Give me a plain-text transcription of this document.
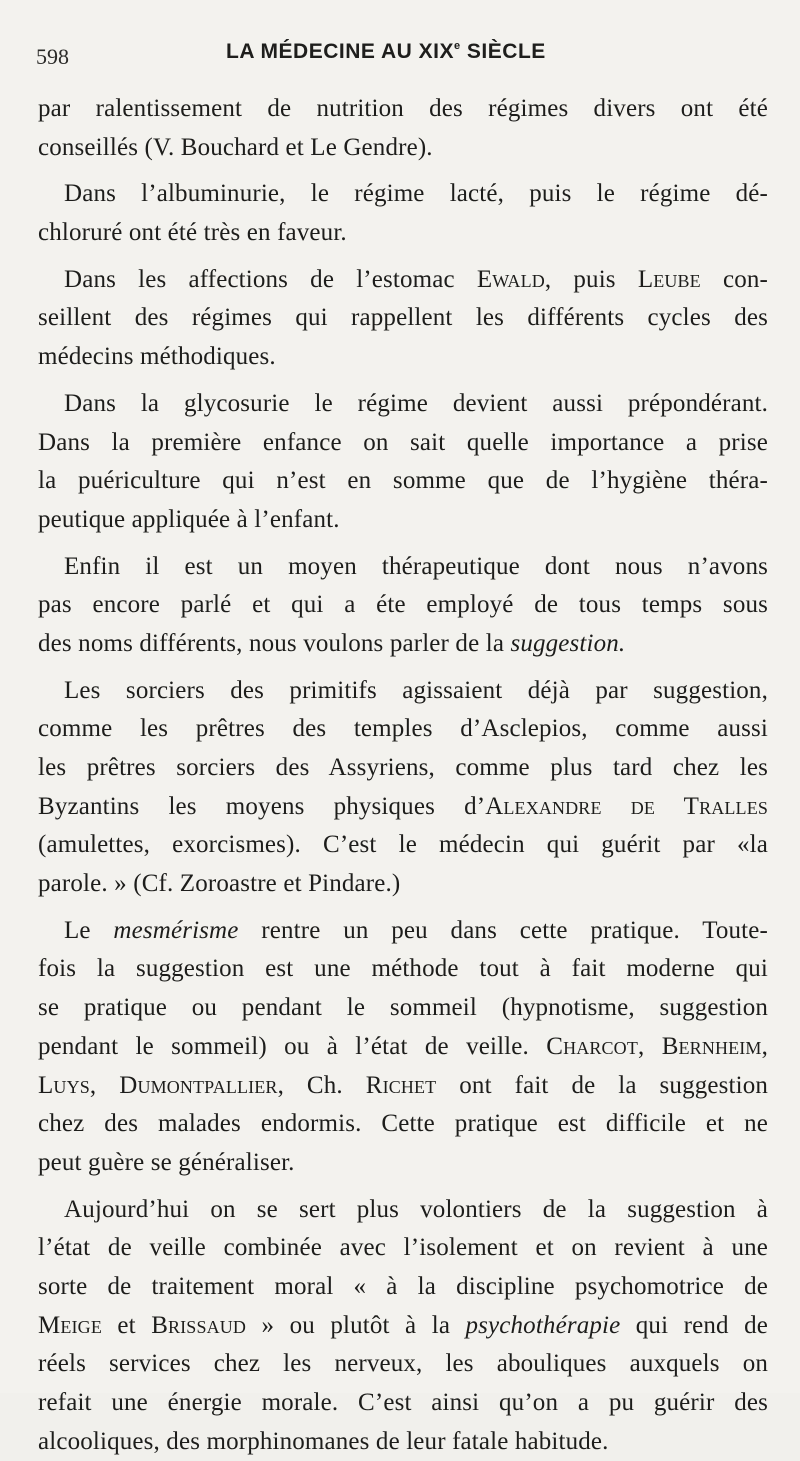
598	LA MÉDECINE AU XIXe SIÈCLE
par ralentissement de nutrition des régimes divers ont été
conseillés (V. Bouchard et Le Gendre).
Dans l’albuminurie, le régime lacté, puis le régime dé-
chloruré ont été très en faveur.
Dans les affections de l’estomac Ewald, puis Leube con-
seillent des régimes qui rappellent les différents cycles des
médecins méthodiques.
Dans la glycosurie le régime devient aussi prépondérant.
Dans la première enfance on sait quelle importance a prise
la puériculture qui n’est en somme que de l’hygiène théra-
peutique appliquée à l’enfant.
Enfin il est un moyen thérapeutique dont nous n’avons
pas encore parlé et qui a éte employé de tous temps sous
des noms différents, nous voulons parler de la suggestion.
Les sorciers des primitifs agissaient déjà par suggestion,
comme les prêtres des temples d’Asclepios, comme aussi
les prêtres sorciers des Assyriens, comme plus tard chez les
Byzantins les moyens physiques d’Alexandre de Tralles
(amulettes, exorcismes). C’est le médecin qui guérit par «la
parole. » (Cf. Zoroastre et Pindare.)
Le mesmérisme rentre un peu dans cette pratique. Toute-
fois la suggestion est une méthode tout à fait moderne qui
se pratique ou pendant le sommeil (hypnotisme, suggestion
pendant le sommeil) ou à l’état de veille. Charcot, Bernheim,
Luys, Dumontpallier, Ch. Richet ont fait de la suggestion
chez des malades endormis. Cette pratique est difficile et ne
peut guère se généraliser.
Aujourd’hui on se sert plus volontiers de la suggestion à
l’état de veille combinée avec l’isolement et on revient à une
sorte de traitement moral « à la discipline psychomotrice de
Meige et Brissaud » ou plutôt à la psychothérapie qui rend de
réels services chez les nerveux, les abouliques auxquels on
refait une énergie morale. C’est ainsi qu’on a pu guérir des
alcooliques, des morphinomanes de leur fatale habitude.
